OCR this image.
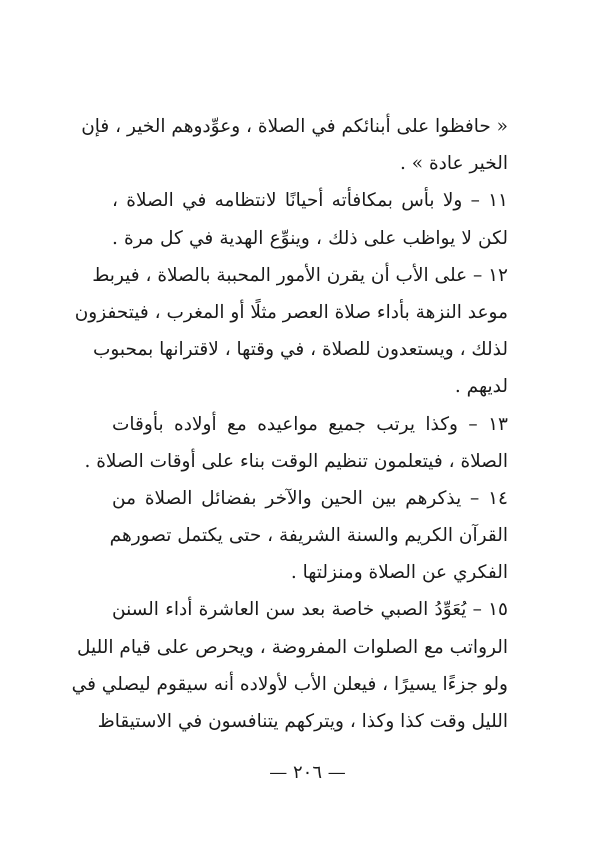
« حافظوا على أبنائكم في الصلاة ، وعوِّدوهم الخير ، فإن
الخير عادة » .
١١ – ولا بأس بمكافأته أحيانًا لانتظامه في الصلاة ،
لكن لا يواظب على ذلك ، وينوِّع الهدية في كل مرة .
١٢ – على الأب أن يقرن الأمور المحببة بالصلاة ، فيربط
موعد النزهة بأداء صلاة العصر مثلًا أو المغرب ، فيتحفزون
لذلك ، ويستعدون للصلاة ، في وقتها ، لاقترانها بمحبوب
لديهم .
١٣ – وكذا يرتب جميع مواعيده مع أولاده بأوقات
الصلاة ، فيتعلمون تنظيم الوقت بناء على أوقات الصلاة .
١٤ – يذكرهم بين الحين والآخر بفضائل الصلاة من
القرآن الكريم والسنة الشريفة ، حتى يكتمل تصورهم
الفكري عن الصلاة ومنزلتها .
١٥ – يُعَوِّدُ الصبي خاصة بعد سن العاشرة أداء السنن
الرواتب مع الصلوات المفروضة ، ويحرص على قيام الليل
ولو جزءًا يسيرًا ، فيعلن الأب لأولاده أنه سيقوم ليصلي في
الليل وقت كذا وكذا ، ويتركهم يتنافسون في الاستيقاظ
— ٢٠٦ —
